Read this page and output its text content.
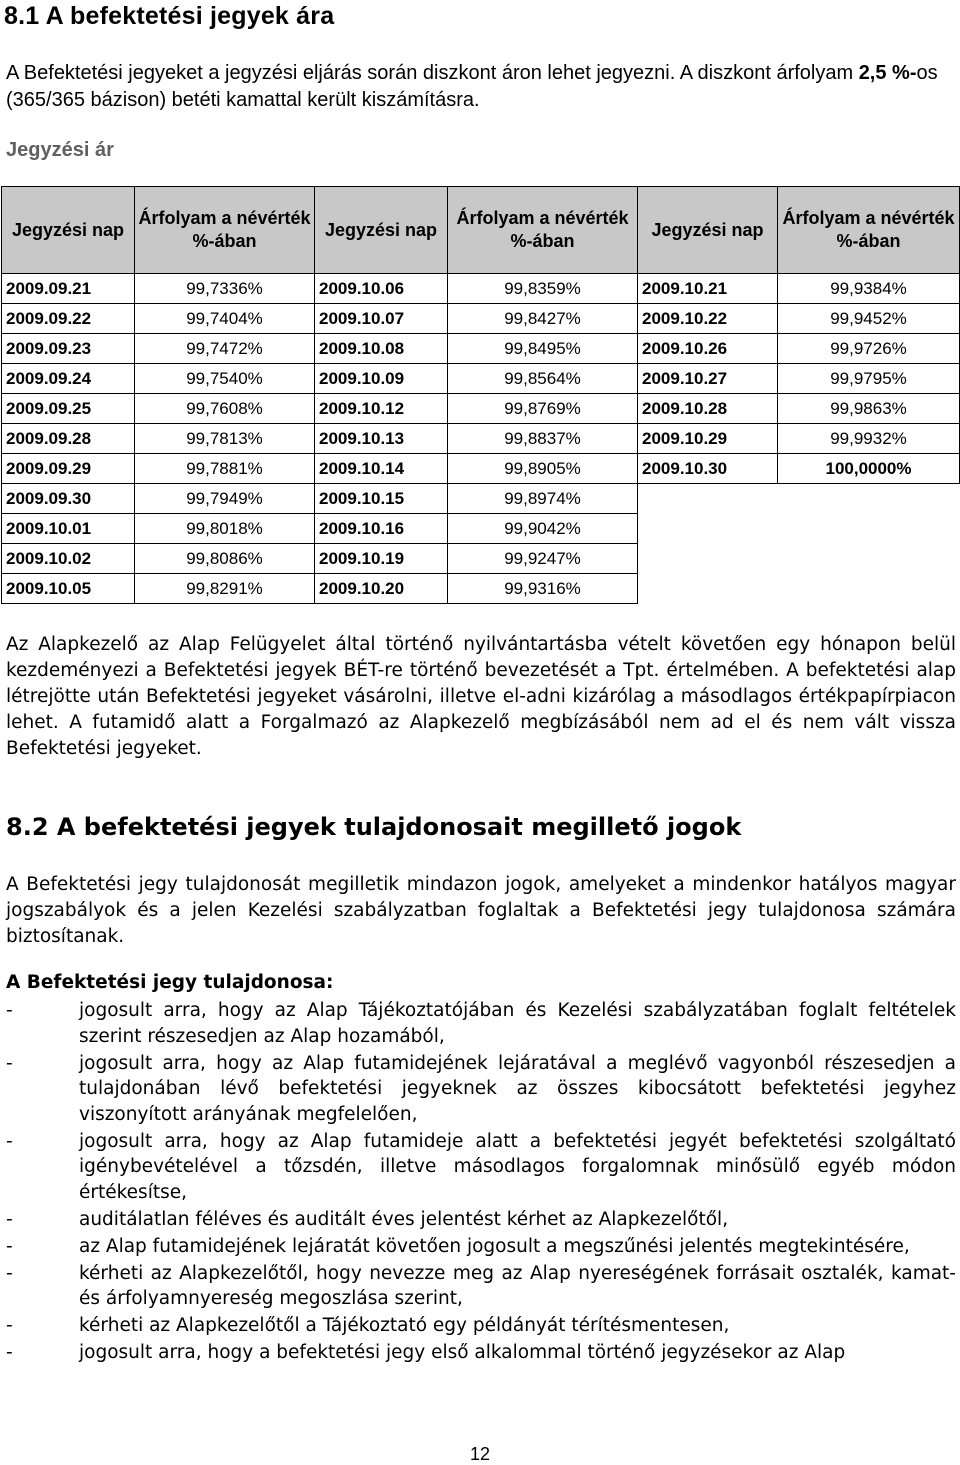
8.1 A befektetési jegyek ára

A Befektetési jegyeket a jegyzési eljárás során diszkont áron lehet jegyezni. A diszkont árfolyam 2,5 %-os (365/365 bázison) betéti kamattal került kiszámításra.

Jegyzési ár

Jegyzési nap	Árfolyam a névérték %-ában	Jegyzési nap	Árfolyam a névérték %-ában	Jegyzési nap	Árfolyam a névérték %-ában
2009.09.21	99,7336%	2009.10.06	99,8359%	2009.10.21	99,9384%
2009.09.22	99,7404%	2009.10.07	99,8427%	2009.10.22	99,9452%
2009.09.23	99,7472%	2009.10.08	99,8495%	2009.10.26	99,9726%
2009.09.24	99,7540%	2009.10.09	99,8564%	2009.10.27	99,9795%
2009.09.25	99,7608%	2009.10.12	99,8769%	2009.10.28	99,9863%
2009.09.28	99,7813%	2009.10.13	99,8837%	2009.10.29	99,9932%
2009.09.29	99,7881%	2009.10.14	99,8905%	2009.10.30	100,0000%
2009.09.30	99,7949%	2009.10.15	99,8974%		
2009.10.01	99,8018%	2009.10.16	99,9042%		
2009.10.02	99,8086%	2009.10.19	99,9247%		
2009.10.05	99,8291%	2009.10.20	99,9316%		

Az Alapkezelő az Alap Felügyelet által történő nyilvántartásba vételt követően egy hónapon belül kezdeményezi a Befektetési jegyek BÉT-re történő bevezetését a Tpt. értelmében. A befektetési alap létrejötte után Befektetési jegyeket vásárolni, illetve el-adni kizárólag a másodlagos értékpapírpiacon lehet. A futamidő alatt a Forgalmazó az Alapkezelő megbízásából nem ad el és nem vált vissza Befektetési jegyeket.

8.2 A befektetési jegyek tulajdonosait megillető jogok

A Befektetési jegy tulajdonosát megilletik mindazon jogok, amelyeket a mindenkor hatályos magyar jogszabályok és a jelen Kezelési szabályzatban foglaltak a Befektetési jegy tulajdonosa számára biztosítanak.

A Befektetési jegy tulajdonosa:

-	jogosult arra, hogy az Alap Tájékoztatójában és Kezelési szabályzatában foglalt feltételek szerint részesedjen az Alap hozamából,
-	jogosult arra, hogy az Alap futamidejének lejáratával a meglévő vagyonból részesedjen a tulajdonában lévő befektetési jegyeknek az összes kibocsátott befektetési jegyhez viszonyított arányának megfelelően,
-	jogosult arra, hogy az Alap futamideje alatt a befektetési jegyét befektetési szolgáltató igénybevételével a tőzsdén, illetve másodlagos forgalomnak minősülő egyéb módon értékesítse,
-	auditálatlan féléves és auditált éves jelentést kérhet az Alapkezelőtől,
-	az Alap futamidejének lejáratát követően jogosult a megszűnési jelentés megtekintésére,
-	kérheti az Alapkezelőtől, hogy nevezze meg az Alap nyereségének forrásait osztalék, kamat- és árfolyamnyereség megoszlása szerint,
-	kérheti az Alapkezelőtől a Tájékoztató egy példányát térítésmentesen,
-	jogosult arra, hogy a befektetési jegy első alkalommal történő jegyzésekor az Alap
12
